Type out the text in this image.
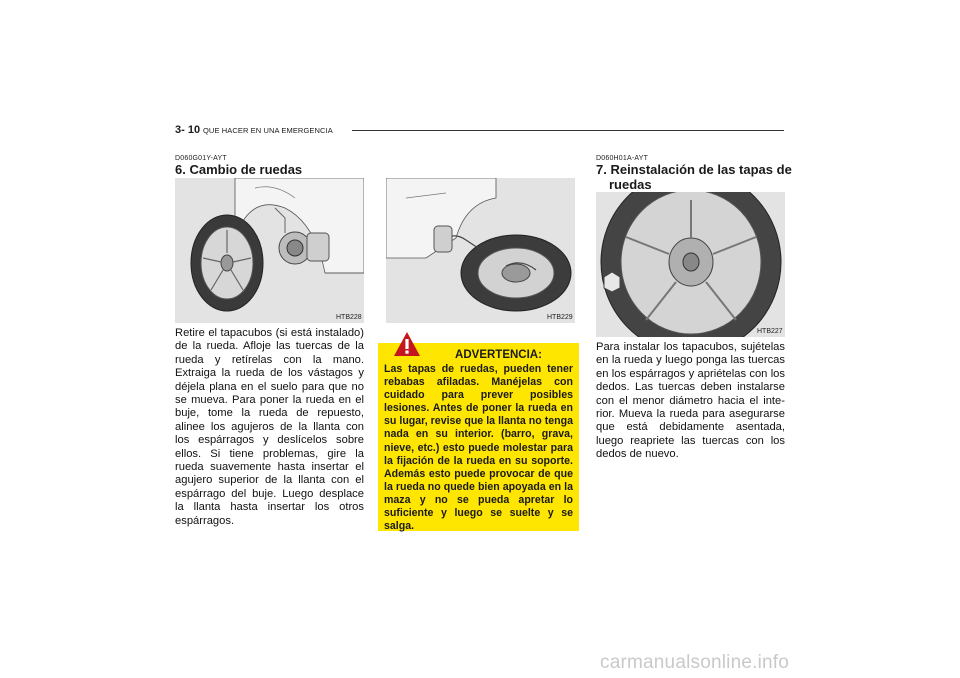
3- 10 QUE HACER EN UNA EMERGENCIA
D060G01Y-AYT
6. Cambio de ruedas
HTB228
Retire el tapacubos (si está instalado) de la rueda. Afloje las tuercas de la rueda y retírelas con la mano. Extraiga la rueda de los vástagos y déjela plana en el suelo para que no se mueva. Para poner la rueda en el buje, tome la rueda de repuesto, alinee los agujeros de la llanta con los espárragos y deslícelos sobre ellos. Si tiene problemas, gire la rueda suavemente hasta insertar el agujero superior de la llanta con el espárrago del buje. Luego desplace la llanta hasta insertar los otros espárragos.
HTB229
ADVERTENCIA:
Las tapas de ruedas, pueden tener rebabas afiladas. Manéjelas con cuidado para prever posibles lesiones. Antes de poner la rueda en su lugar, revise que la llanta no tenga nada en su interior. (barro, grava, nieve, etc.) esto puede molestar para la fijación de la rueda en su soporte. Además esto puede provocar de que la rueda no quede bien apoyada en la maza y no se pueda apretar lo suficiente y luego se suelte y se salga.
D060H01A-AYT
7. Reinstalación de las tapas de
ruedas
HTB227
Para instalar los tapacubos, sujételas en la rueda y luego ponga las tuercas en los espárragos y apriételas con los dedos. Las tuercas deben instalarse con el menor diámetro hacia el inte-rior. Mueva la rueda para asegurarse que está debidamente asentada, luego reapriete las tuercas con los dedos de nuevo.
carmanualsonline.info
